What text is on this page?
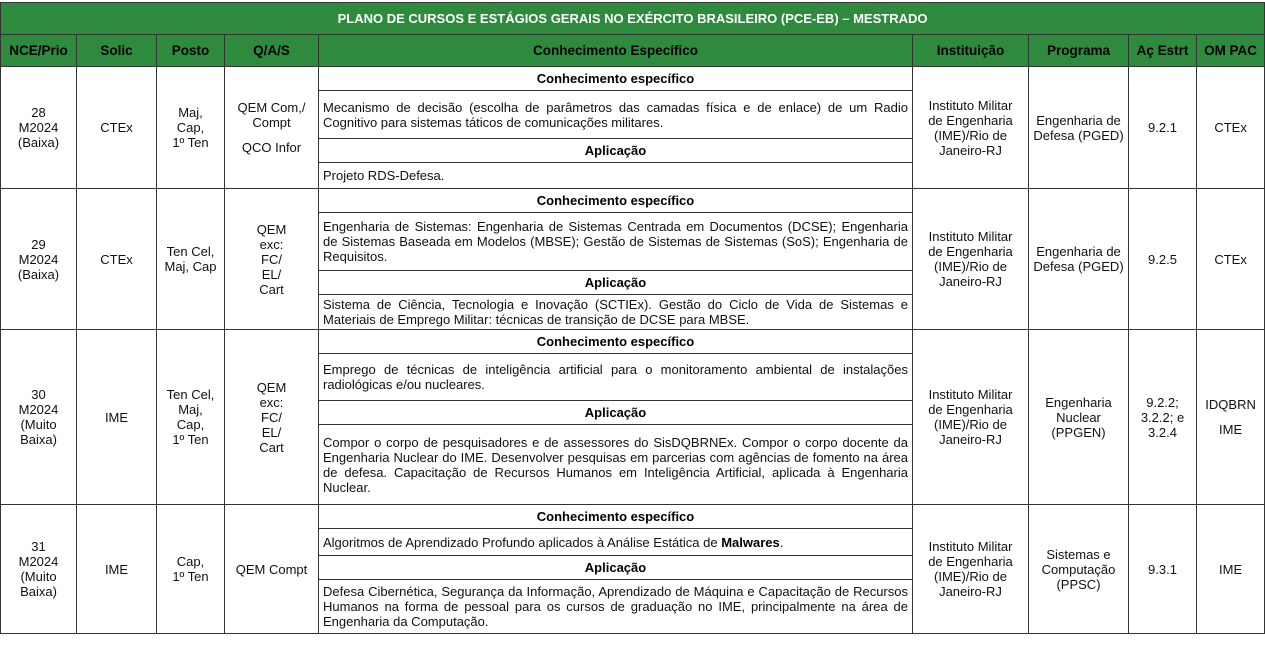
PLANO DE CURSOS E ESTÁGIOS GERAIS NO EXÉRCITO BRASILEIRO (PCE-EB) – MESTRADO								
NCE/Prio	Solic	Posto	Q/A/S	Conhecimento Específico	Instituição	Programa	Aç Estrt	OM PAC

28
M2024
(Baixa)	CTEx	Maj,
Cap,
1º Ten	QEM Com,/
Compt
QCO Infor	Conhecimento específico	Instituto Militar
de Engenharia
(IME)/Rio de
Janeiro-RJ	Engenharia de
Defesa (PGED)	9.2.1	CTEx

				Mecanismo de decisão (escolha de parâmetros das camadas física e de enlace) de um Radio Cognitivo para sistemas táticos de comunicações militares.				
				Aplicação				
				Projeto RDS-Defesa.				

29
M2024
(Baixa)	CTEx	Ten Cel,
Maj, Cap	QEM
exc:
FC/
EL/
Cart	Conhecimento específico	Instituto Militar
de Engenharia
(IME)/Rio de
Janeiro-RJ	Engenharia de
Defesa (PGED)	9.2.5	CTEx

				Engenharia de Sistemas: Engenharia de Sistemas Centrada em Documentos (DCSE); Engenharia de Sistemas Baseada em Modelos (MBSE); Gestão de Sistemas de Sistemas (SoS); Engenharia de Requisitos.				
				Aplicação				
				Sistema de Ciência, Tecnologia e Inovação (SCTIEx). Gestão do Ciclo de Vida de Sistemas e Materiais de Emprego Militar: técnicas de transição de DCSE para MBSE.				

30
M2024
(Muito Baixa)	IME	Ten Cel,
Maj,
Cap,
1º Ten	QEM
exc:
FC/
EL/
Cart	Conhecimento específico	Instituto Militar
de Engenharia
(IME)/Rio de
Janeiro-RJ	Engenharia
Nuclear
(PPGEN)	9.2.2;
3.2.2; e
3.2.4	IDQBRN
IME

				Emprego de técnicas de inteligência artificial para o monitoramento ambiental de instalações radiológicas e/ou nucleares.				
				Aplicação				
				Compor o corpo de pesquisadores e de assessores do SisDQBRNEx. Compor o corpo docente da Engenharia Nuclear do IME. Desenvolver pesquisas em parcerias com agências de fomento na área de defesa. Capacitação de Recursos Humanos em Inteligência Artificial, aplicada à Engenharia Nuclear.				

31
M2024
(Muito Baixa)	IME	Cap,
1º Ten	QEM Compt	Conhecimento específico	Instituto Militar
de Engenharia
(IME)/Rio de
Janeiro-RJ	Sistemas e
Computação
(PPSC)	9.3.1	IME

				Algoritmos de Aprendizado Profundo aplicados à Análise Estática de Malwares.				
				Aplicação				
				Defesa Cibernética, Segurança da Informação, Aprendizado de Máquina e Capacitação de Recursos Humanos na forma de pessoal para os cursos de graduação no IME, principalmente na área de Engenharia da Computação.				
